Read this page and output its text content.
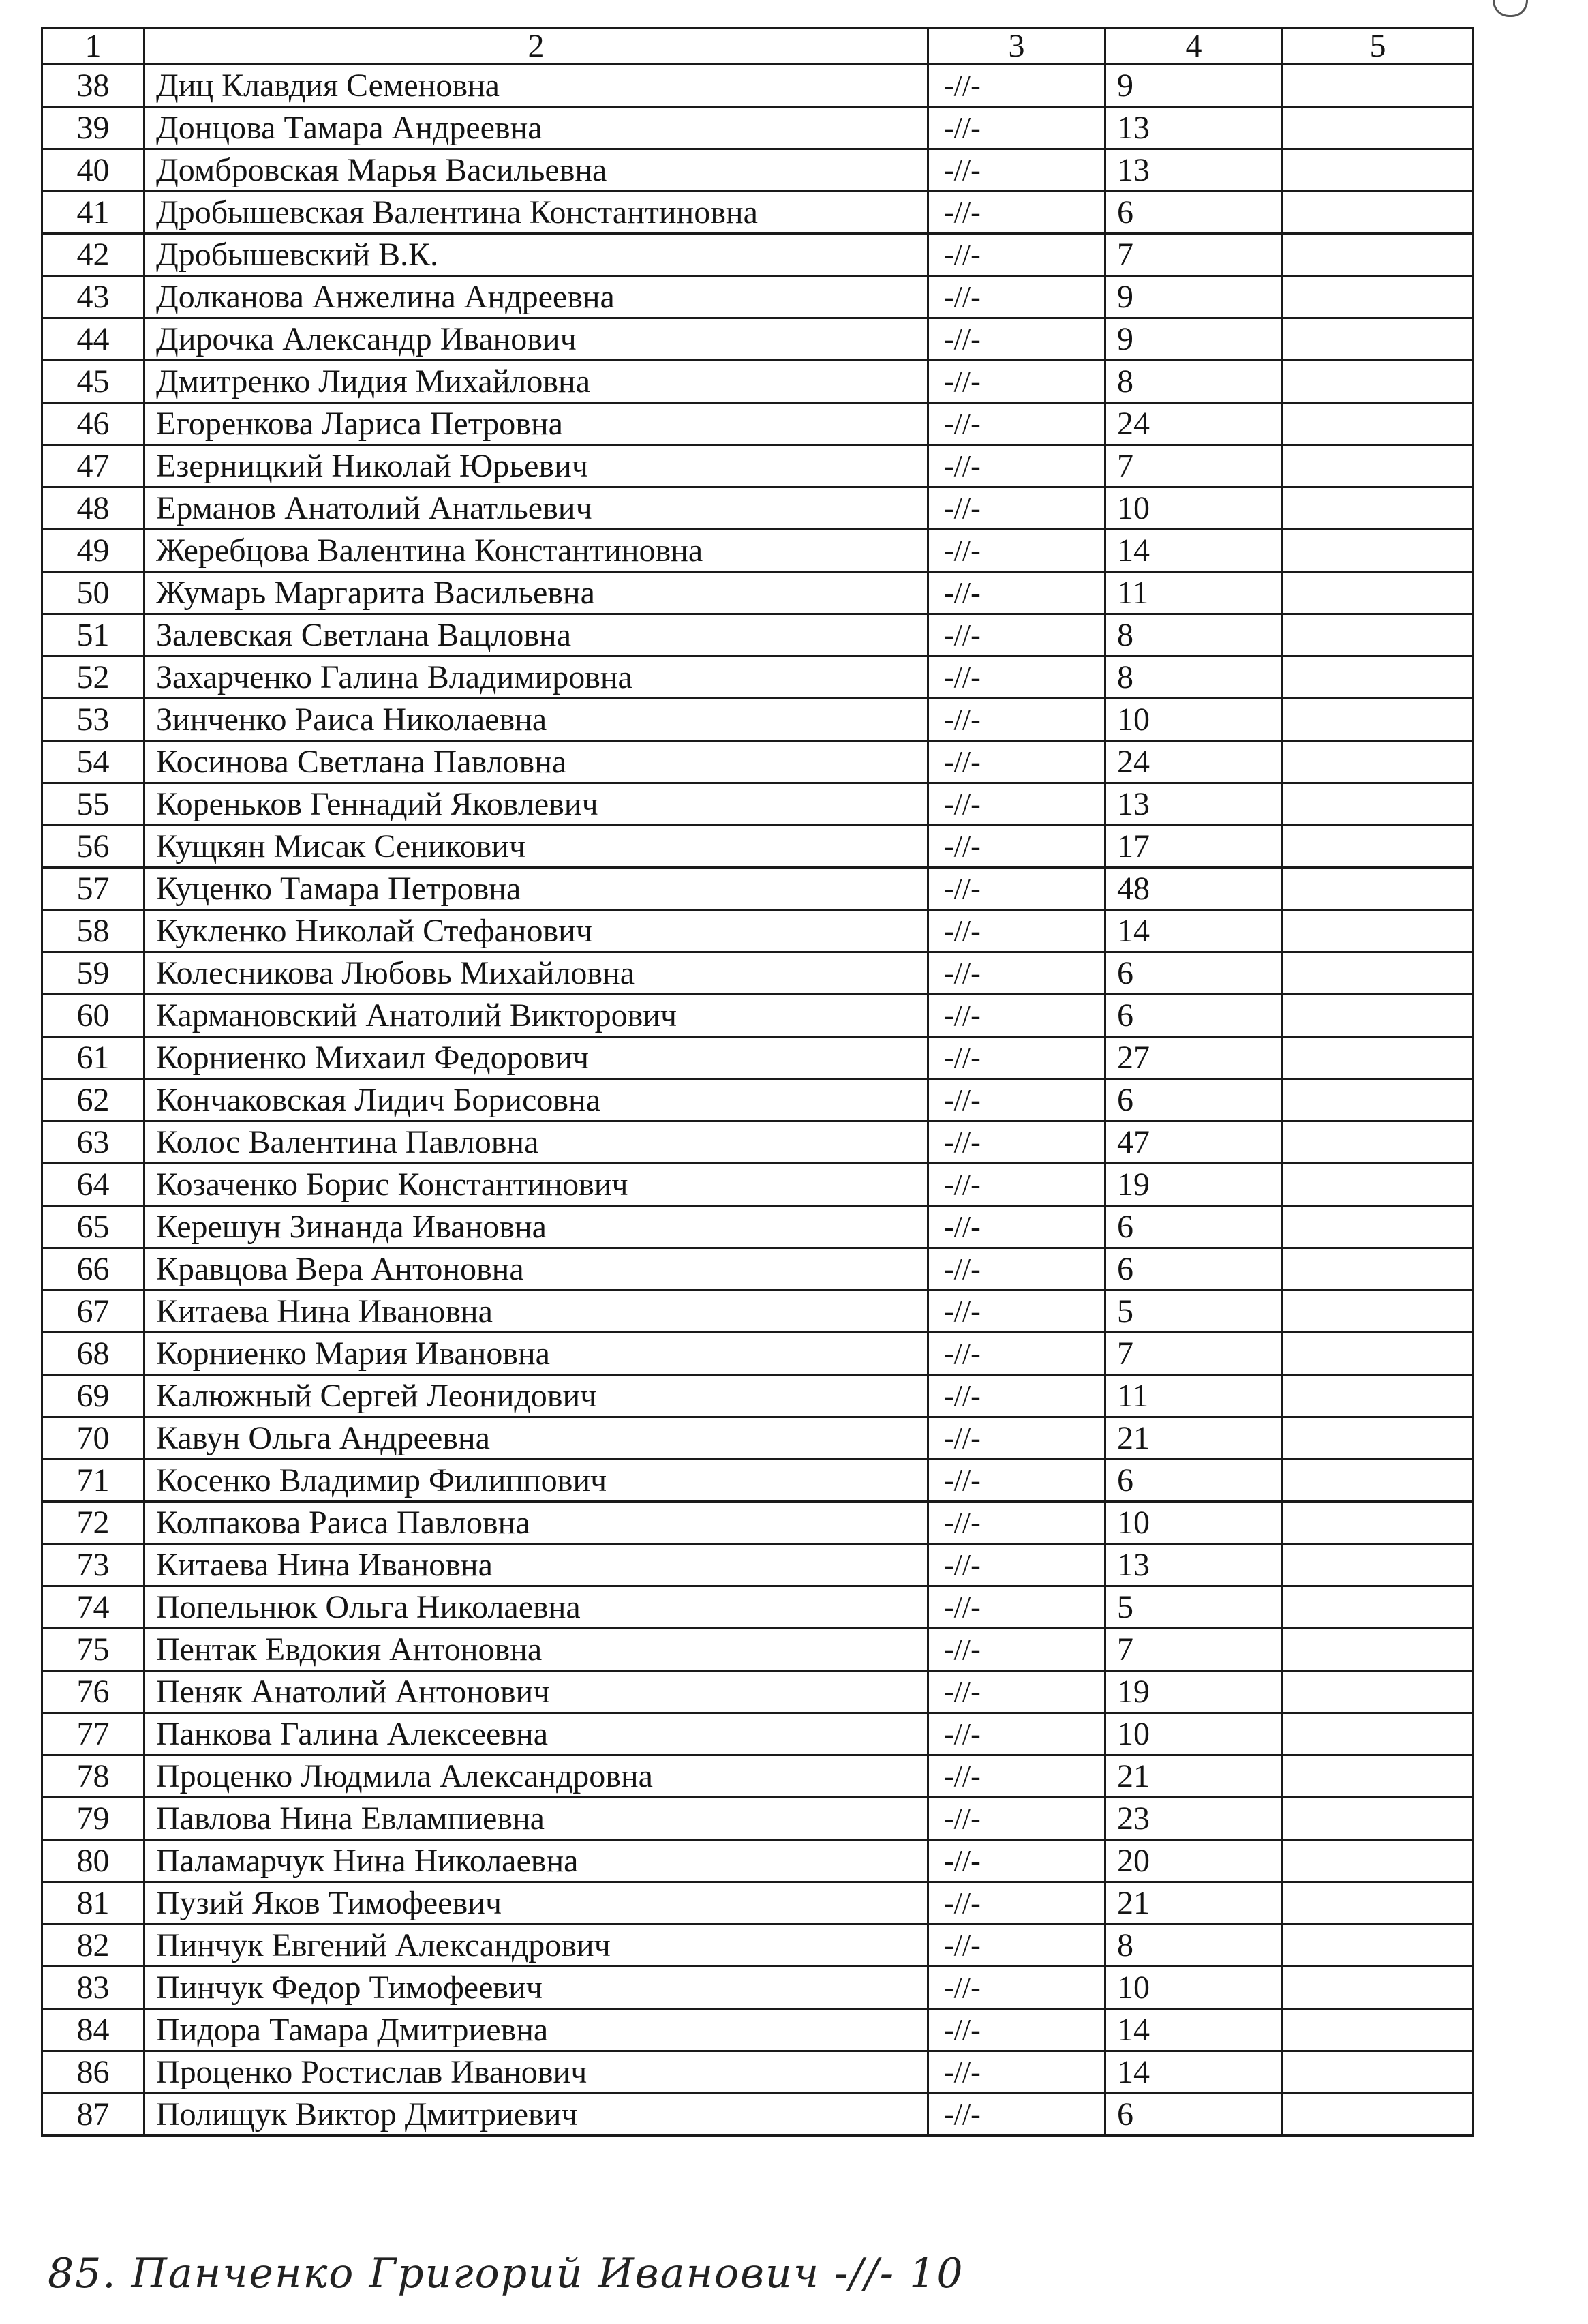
1	2	3	4	5
38	Диц Клавдия Семеновна	-//-	9	
39	Донцова Тамара Андреевна	-//-	13	
40	Домбровская Марья Васильевна	-//-	13	
41	Дробышевская Валентина Константиновна	-//-	6	
42	Дробышевский В.К.	-//-	7	
43	Долканова Анжелина Андреевна	-//-	9	
44	Дирочка Александр Иванович	-//-	9	
45	Дмитренко Лидия Михайловна	-//-	8	
46	Егоренкова Лариса Петровна	-//-	24	
47	Езерницкий Николай Юрьевич	-//-	7	
48	Ерманов Анатолий Анатльевич	-//-	10	
49	Жеребцова Валентина Константиновна	-//-	14	
50	Жумарь Маргарита Васильевна	-//-	11	
51	Залевская Светлана Вацловна	-//-	8	
52	Захарченко Галина Владимировна	-//-	8	
53	Зинченко Раиса Николаевна	-//-	10	
54	Косинова Светлана Павловна	-//-	24	
55	Кореньков Геннадий Яковлевич	-//-	13	
56	Кущкян Мисак Сеникович	-//-	17	
57	Куценко Тамара Петровна	-//-	48	
58	Кукленко Николай Стефанович	-//-	14	
59	Колесникова Любовь Михайловна	-//-	6	
60	Кармановский Анатолий Викторович	-//-	6	
61	Корниенко Михаил Федорович	-//-	27	
62	Кончаковская Лидич Борисовна	-//-	6	
63	Колос Валентина Павловна	-//-	47	
64	Козаченко Борис Константинович	-//-	19	
65	Керешун Зинанда Ивановна	-//-	6	
66	Кравцова Вера Антоновна	-//-	6	
67	Китаева Нина Ивановна	-//-	5	
68	Корниенко Мария Ивановна	-//-	7	
69	Калюжный Сергей Леонидович	-//-	11	
70	Кавун Ольга Андреевна	-//-	21	
71	Косенко Владимир Филиппович	-//-	6	
72	Колпакова Раиса Павловна	-//-	10	
73	Китаева Нина Ивановна	-//-	13	
74	Попельнюк Ольга Николаевна	-//-	5	
75	Пентак Евдокия Антоновна	-//-	7	
76	Пеняк Анатолий Антонович	-//-	19	
77	Панкова Галина Алексеевна	-//-	10	
78	Проценко Людмила Александровна	-//-	21	
79	Павлова Нина Евлампиевна	-//-	23	
80	Паламарчук Нина Николаевна	-//-	20	
81	Пузий Яков Тимофеевич	-//-	21	
82	Пинчук Евгений Александрович	-//-	8	
83	Пинчук Федор Тимофеевич	-//-	10	
84	Пидора Тамара Дмитриевна	-//-	14	
86	Проценко Ростислав Иванович	-//-	14	
87	Полищук Виктор Дмитриевич	-//-	6	
85. Панченко Григорий Иванович -//- 10
